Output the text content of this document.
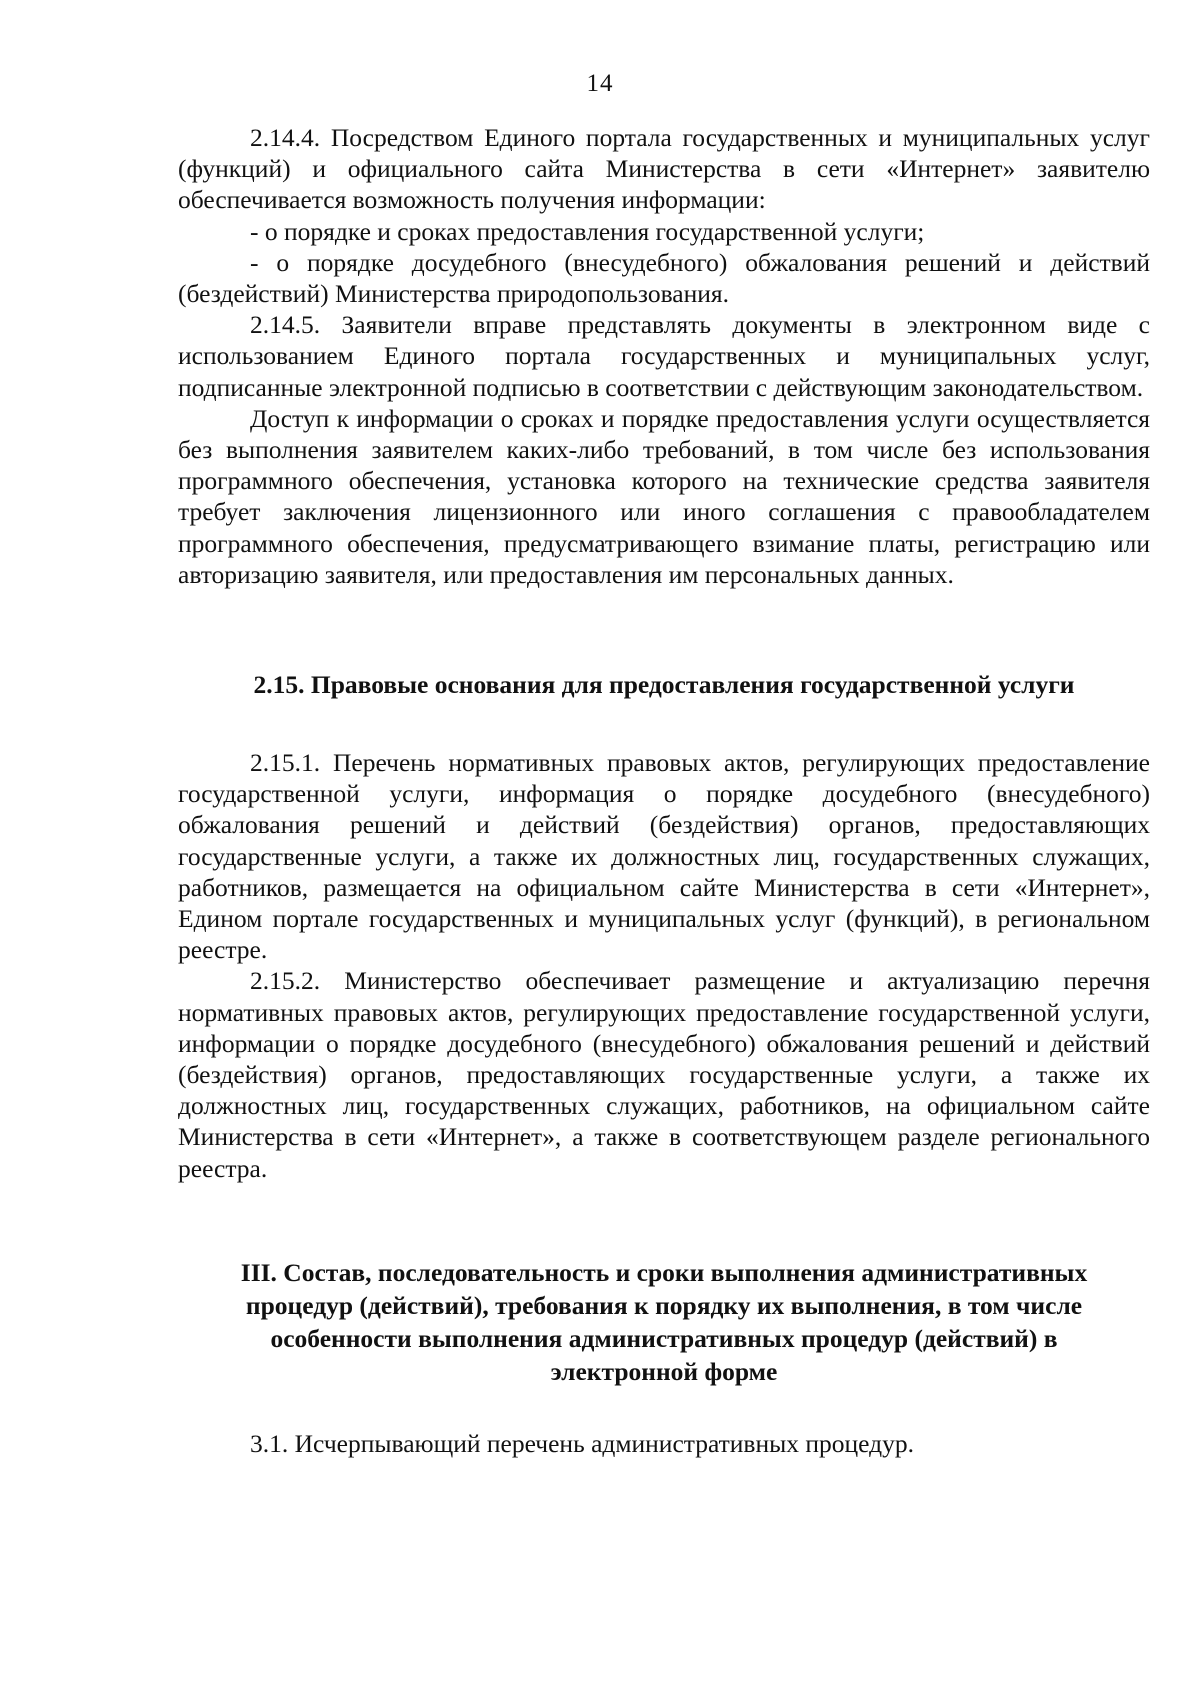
14

2.14.4. Посредством Единого портала государственных и муниципальных услуг (функций) и официального сайта Министерства в сети «Интернет» заявителю обеспечивается возможность получения информации:

- о порядке и сроках предоставления государственной услуги;

- о порядке досудебного (внесудебного) обжалования решений и действий (бездействий) Министерства природопользования.

2.14.5. Заявители вправе представлять документы в электронном виде с использованием Единого портала государственных и муниципальных услуг, подписанные электронной подписью в соответствии с действующим законодательством.

Доступ к информации о сроках и порядке предоставления услуги осуществляется без выполнения заявителем каких-либо требований, в том числе без использования программного обеспечения, установка которого на технические средства заявителя требует заключения лицензионного или иного соглашения с правообладателем программного обеспечения, предусматривающего взимание платы, регистрацию или авторизацию заявителя, или предоставления им персональных данных.

2.15. Правовые основания для предоставления государственной услуги

2.15.1. Перечень нормативных правовых актов, регулирующих предоставление государственной услуги, информация о порядке досудебного (внесудебного) обжалования решений и действий (бездействия) органов, предоставляющих государственные услуги, а также их должностных лиц, государственных служащих, работников, размещается на официальном сайте Министерства в сети «Интернет», Едином портале государственных и муниципальных услуг (функций), в региональном реестре.

2.15.2. Министерство обеспечивает размещение и актуализацию перечня нормативных правовых актов, регулирующих предоставление государственной услуги, информации о порядке досудебного (внесудебного) обжалования решений и действий (бездействия) органов, предоставляющих государственные услуги, а также их должностных лиц, государственных служащих, работников, на официальном сайте Министерства в сети «Интернет», а также в соответствующем разделе регионального реестра.

III. Состав, последовательность и сроки выполнения административных

процедур (действий), требования к порядку их выполнения, в том числе

особенности выполнения административных процедур (действий) в

электронной форме

3.1. Исчерпывающий перечень административных процедур.
